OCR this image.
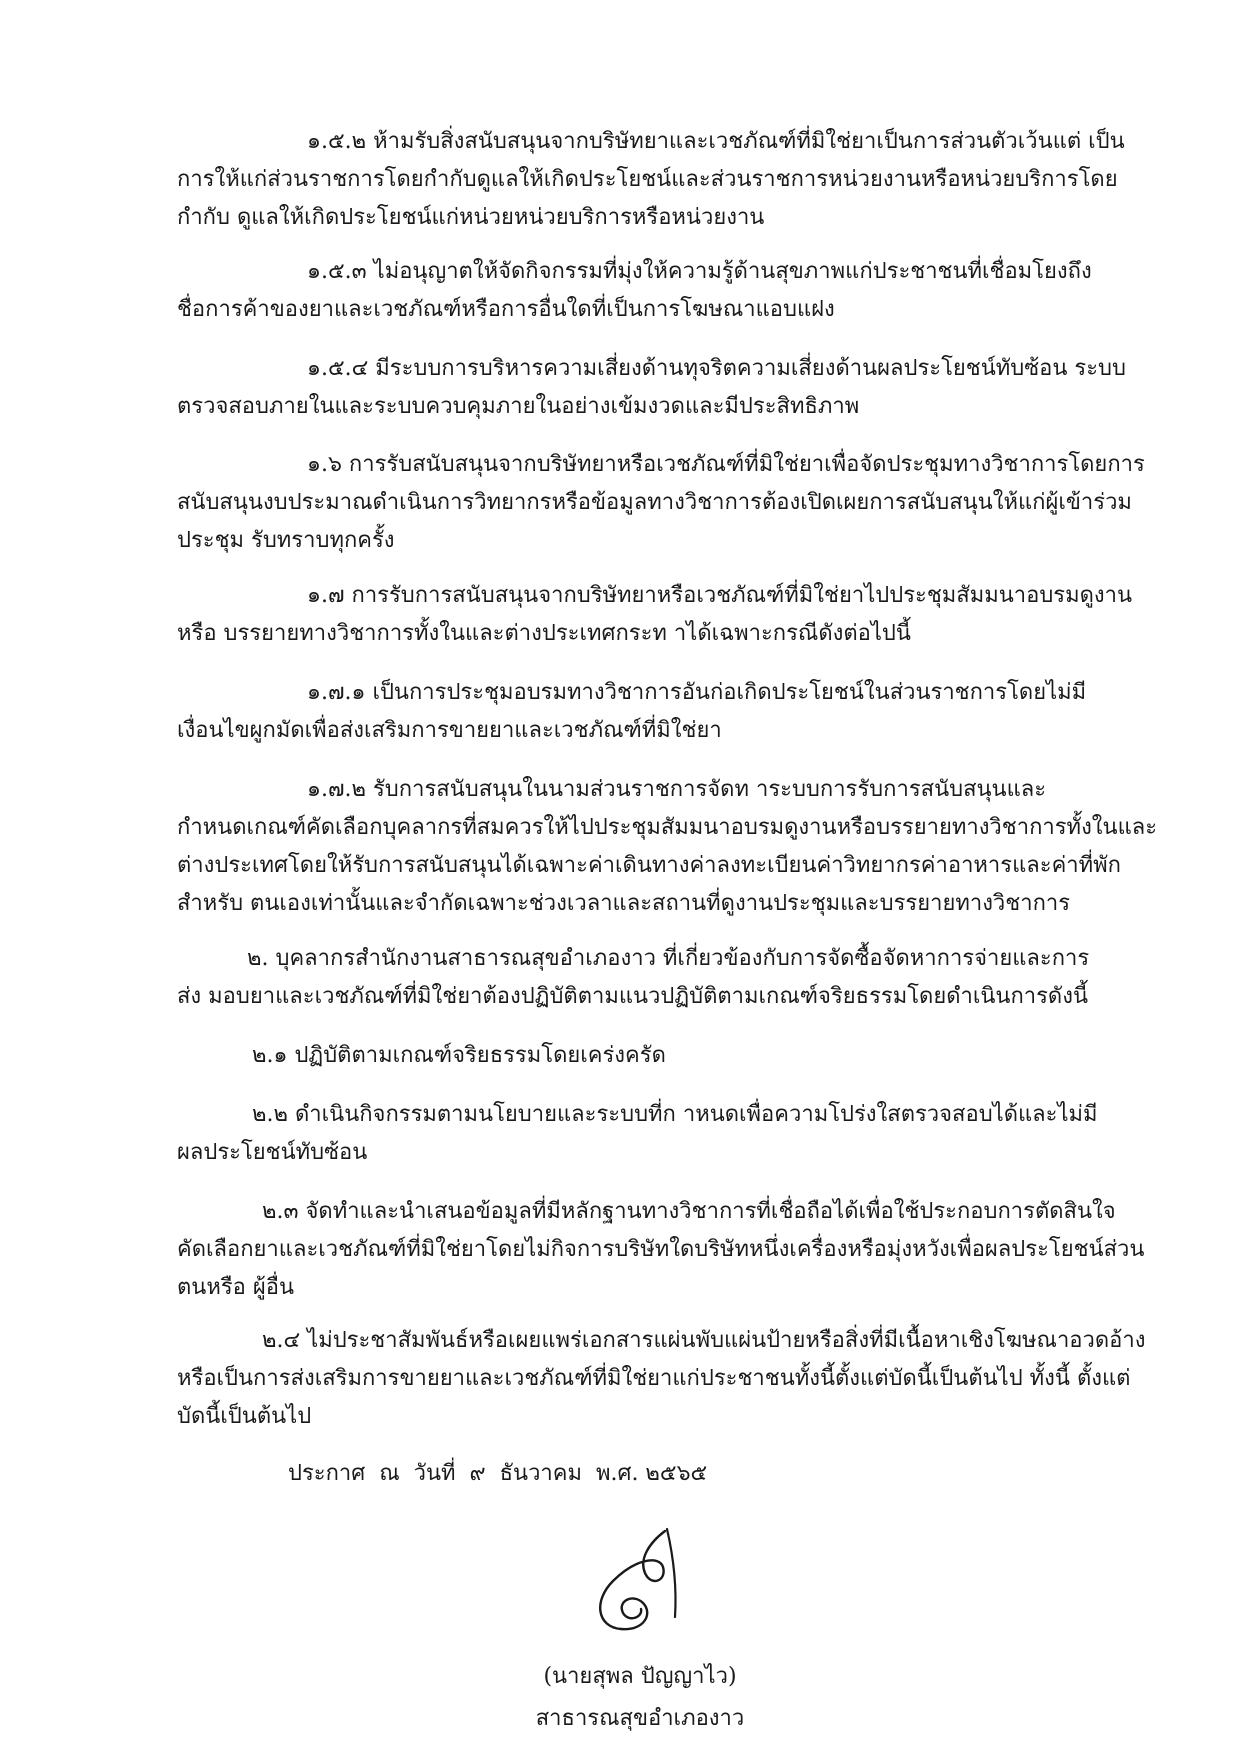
๑.๕.๒ ห้ามรับสิ่งสนับสนุนจากบริษัทยาและเวชภัณฑ์ที่มิใช่ยาเป็นการส่วนตัวเว้นแต่ เป็น
การให้แก่ส่วนราชการโดยกำกับดูแลให้เกิดประโยชน์และส่วนราชการหน่วยงานหรือหน่วยบริการโดย
กำกับ ดูแลให้เกิดประโยชน์แก่หน่วยหน่วยบริการหรือหน่วยงาน
๑.๕.๓ ไม่อนุญาตให้จัดกิจกรรมที่มุ่งให้ความรู้ด้านสุขภาพแก่ประชาชนที่เชื่อมโยงถึง
ชื่อการค้าของยาและเวชภัณฑ์หรือการอื่นใดที่เป็นการโฆษณาแอบแฝง
๑.๕.๔ มีระบบการบริหารความเสี่ยงด้านทุจริตความเสี่ยงด้านผลประโยชน์ทับซ้อน ระบบ
ตรวจสอบภายในและระบบควบคุมภายในอย่างเข้มงวดและมีประสิทธิภาพ
๑.๖ การรับสนับสนุนจากบริษัทยาหรือเวชภัณฑ์ที่มิใช่ยาเพื่อจัดประชุมทางวิชาการโดยการ
สนับสนุนงบประมาณดำเนินการวิทยากรหรือข้อมูลทางวิชาการต้องเปิดเผยการสนับสนุนให้แก่ผู้เข้าร่วม
ประชุม รับทราบทุกครั้ง
๑.๗ การรับการสนับสนุนจากบริษัทยาหรือเวชภัณฑ์ที่มิใช่ยาไปประชุมสัมมนาอบรมดูงาน
หรือ บรรยายทางวิชาการทั้งในและต่างประเทศกระท าได้เฉพาะกรณีดังต่อไปนี้
๑.๗.๑ เป็นการประชุมอบรมทางวิชาการอันก่อเกิดประโยชน์ในส่วนราชการโดยไม่มี
เงื่อนไขผูกมัดเพื่อส่งเสริมการขายยาและเวชภัณฑ์ที่มิใช่ยา
๑.๗.๒ รับการสนับสนุนในนามส่วนราชการจัดท าระบบการรับการสนับสนุนและ
กำหนดเกณฑ์คัดเลือกบุคลากรที่สมควรให้ไปประชุมสัมมนาอบรมดูงานหรือบรรยายทางวิชาการทั้งในและ
ต่างประเทศโดยให้รับการสนับสนุนได้เฉพาะค่าเดินทางค่าลงทะเบียนค่าวิทยากรค่าอาหารและค่าที่พัก
สำหรับ ตนเองเท่านั้นและจำกัดเฉพาะช่วงเวลาและสถานที่ดูงานประชุมและบรรยายทางวิชาการ
๒. บุคลากรสำนักงานสาธารณสุขอำเภองาว ที่เกี่ยวข้องกับการจัดซื้อจัดหาการจ่ายและการ
ส่ง มอบยาและเวชภัณฑ์ที่มิใช่ยาต้องปฏิบัติตามแนวปฏิบัติตามเกณฑ์จริยธรรมโดยดำเนินการดังนี้
๒.๑ ปฏิบัติตามเกณฑ์จริยธรรมโดยเคร่งครัด
๒.๒ ดำเนินกิจกรรมตามนโยบายและระบบที่ก าหนดเพื่อความโปร่งใสตรวจสอบได้และไม่มี
ผลประโยชน์ทับซ้อน
๒.๓ จัดทำและนำเสนอข้อมูลที่มีหลักฐานทางวิชาการที่เชื่อถือได้เพื่อใช้ประกอบการตัดสินใจ
คัดเลือกยาและเวชภัณฑ์ที่มิใช่ยาโดยไม่กิจการบริษัทใดบริษัทหนึ่งเครื่องหรือมุ่งหวังเพื่อผลประโยชน์ส่วน
ตนหรือ ผู้อื่น
๒.๔ ไม่ประชาสัมพันธ์หรือเผยแพร่เอกสารแผ่นพับแผ่นป้ายหรือสิ่งที่มีเนื้อหาเชิงโฆษณาอวดอ้าง
หรือเป็นการส่งเสริมการขายยาและเวชภัณฑ์ที่มิใช่ยาแก่ประชาชนทั้งนี้ตั้งแต่บัดนี้เป็นต้นไป ทั้งนี้ ตั้งแต่
บัดนี้เป็นต้นไป

ประกาศ  ณ  วันที่  ๙  ธันวาคม  พ.ศ. ๒๕๖๕

(นายสุพล ปัญญาไว)

สาธารณสุขอำเภองาว
